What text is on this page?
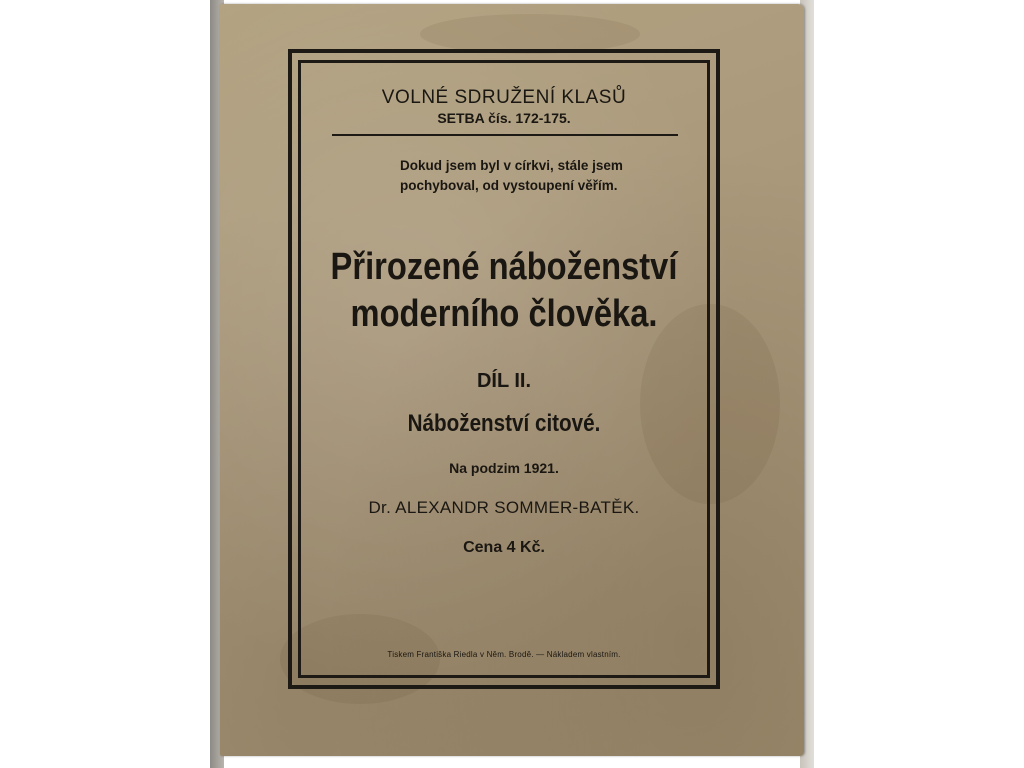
VOLNÉ SDRUŽENÍ KLASŮ
SETBA čís. 172-175.
Dokud jsem byl v církvi, stále jsem
pochyboval, od vystoupení věřím.
Přirozené náboženství
moderního člověka.
DÍL II.
Náboženství citové.
Na podzim 1921.
Dr. ALEXANDR SOMMER-BATĚK.
Cena 4 Kč.
Tiskem Františka Riedla v Něm. Brodě. — Nákladem vlastním.
